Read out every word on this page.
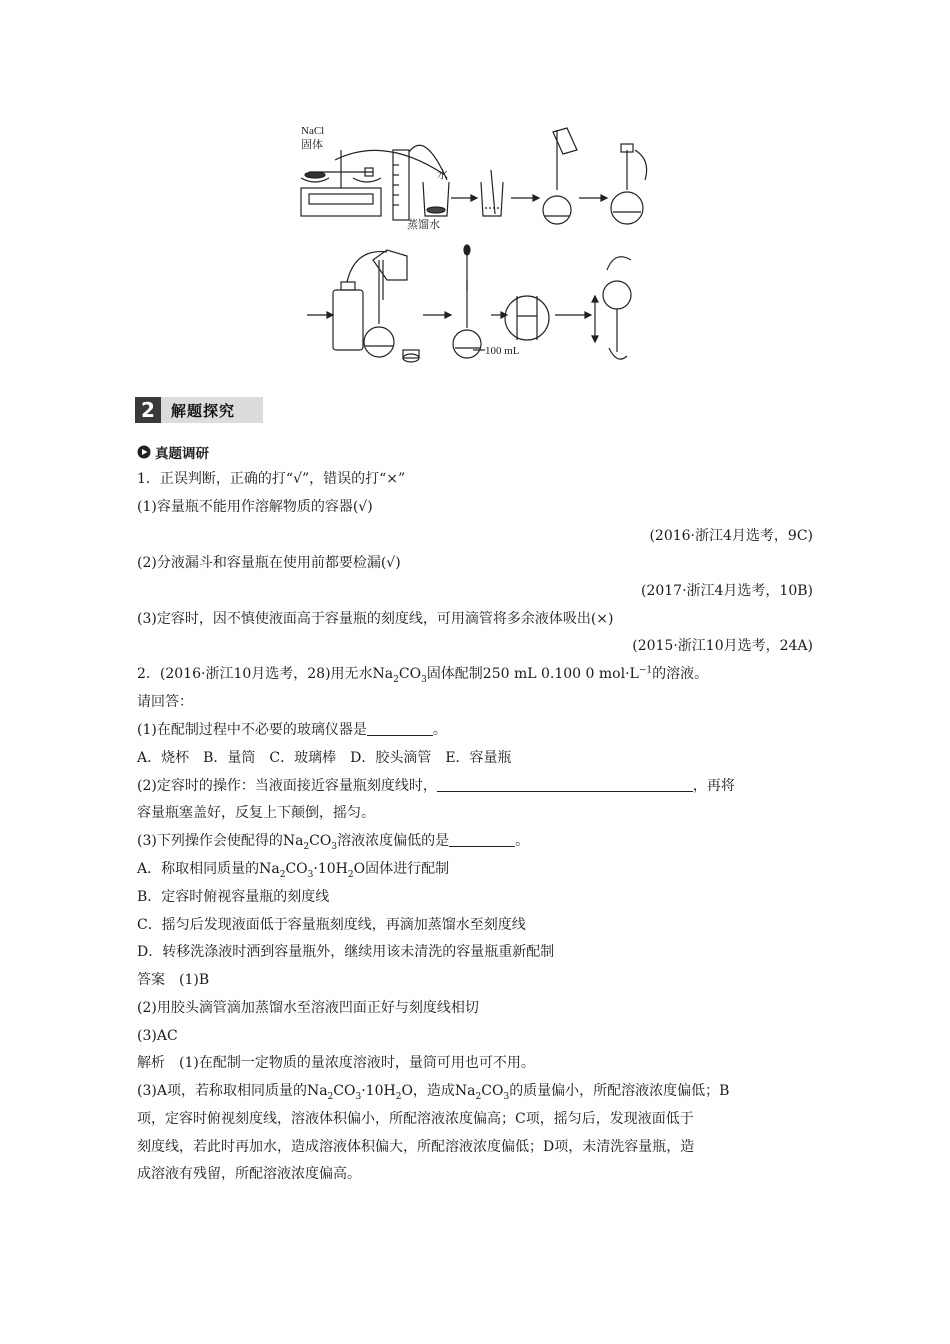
NaCl
固体
水
蒸馏水
100 mL
2	解题探究
真题调研
1．正误判断，正确的打“√”，错误的打“×”
(1)容量瓶不能用作溶解物质的容器(√)
(2016·浙江4月选考，9C)
(2)分液漏斗和容量瓶在使用前都要检漏(√)
(2017·浙江4月选考，10B)
(3)定容时，因不慎使液面高于容量瓶的刻度线，可用滴管将多余液体吸出(×)
(2015·浙江10月选考，24A)
2．(2016·浙江10月选考，28)用无水$Na_2CO_3$固体配制250 mL 0.100 0 $mol\cdot L^{-1}$的溶液。
请回答：
(1)在配制过程中不必要的玻璃仪器是	。
A．烧杯　B．量筒　C．玻璃棒　D．胶头滴管　E．容量瓶
(2)定容时的操作：当液面接近容量瓶刻度线时，	，再将
容量瓶塞盖好，反复上下颠倒，摇匀。
(3)下列操作会使配得的$Na_2CO_3$溶液浓度偏低的是	。
A．称取相同质量的$Na_2CO_3\cdot 10H_2O$固体进行配制
B．定容时俯视容量瓶的刻度线
C．摇匀后发现液面低于容量瓶刻度线，再滴加蒸馏水至刻度线
D．转移洗涤液时洒到容量瓶外，继续用该未清洗的容量瓶重新配制
答案　(1)B
(2)用胶头滴管滴加蒸馏水至溶液凹面正好与刻度线相切
(3)AC
解析　(1)在配制一定物质的量浓度溶液时，量筒可用也可不用。
(3)A项，若称取相同质量的$Na_2CO_3\cdot 10H_2O$，造成$Na_2CO_3$的质量偏小，所配溶液浓度偏低；B
项，定容时俯视刻度线，溶液体积偏小，所配溶液浓度偏高；C项，摇匀后，发现液面低于
刻度线，若此时再加水，造成溶液体积偏大，所配溶液浓度偏低；D项，未清洗容量瓶，造
成溶液有残留，所配溶液浓度偏高。
